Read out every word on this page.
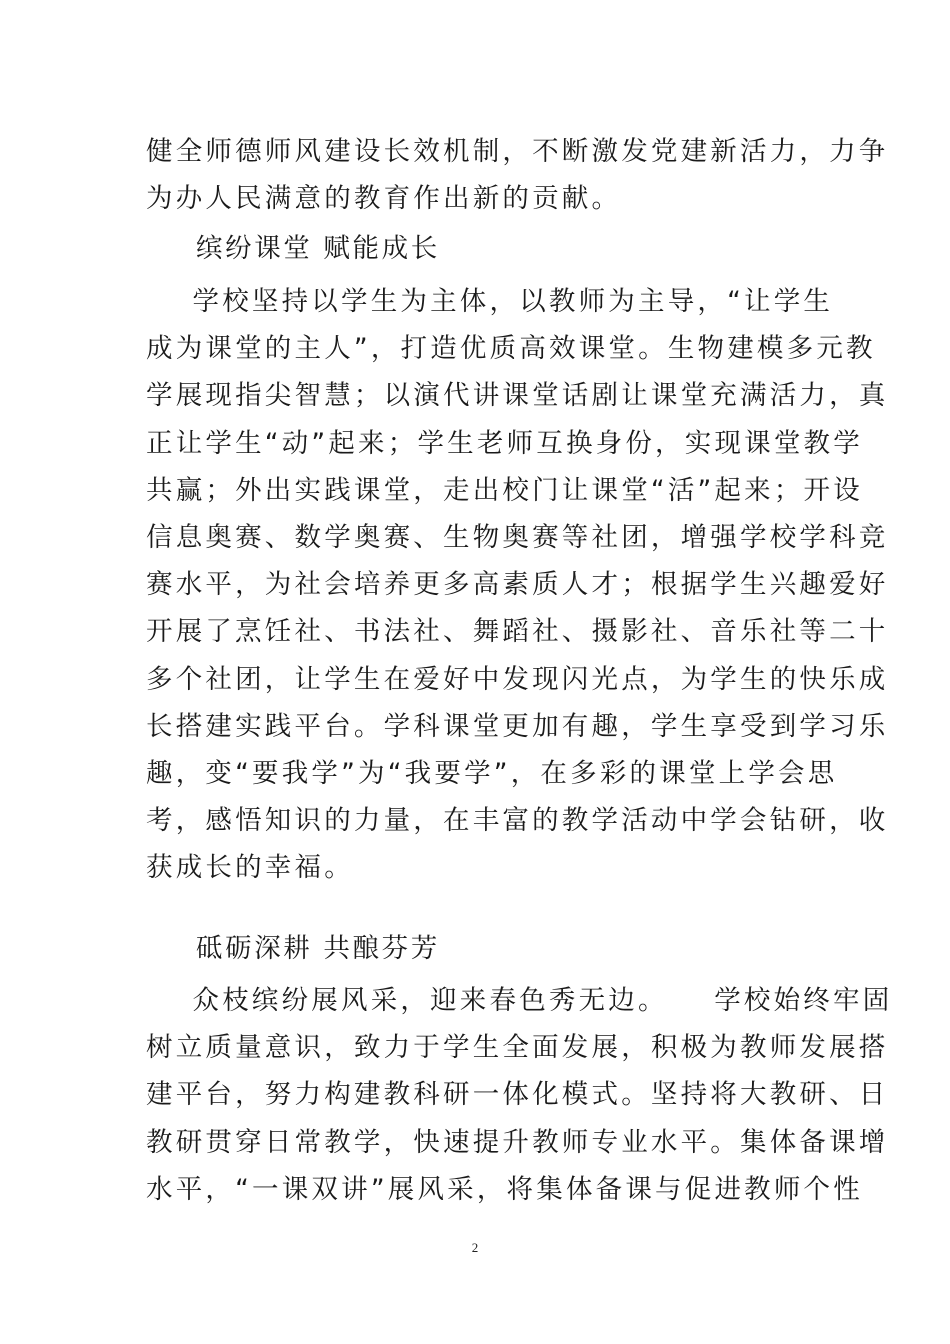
健全师德师风建设长效机制，不断激发党建新活力，力争
为办人民满意的教育作出新的贡献。
缤纷课堂 赋能成长
学校坚持以学生为主体，以教师为主导，“让学生
成为课堂的主人”，打造优质高效课堂。生物建模多元教
学展现指尖智慧；以演代讲课堂话剧让课堂充满活力，真
正让学生“动”起来；学生老师互换身份，实现课堂教学
共赢；外出实践课堂，走出校门让课堂“活”起来；开设
信息奥赛、数学奥赛、生物奥赛等社团，增强学校学科竞
赛水平，为社会培养更多高素质人才；根据学生兴趣爱好
开展了烹饪社、书法社、舞蹈社、摄影社、音乐社等二十
多个社团，让学生在爱好中发现闪光点，为学生的快乐成
长搭建实践平台。学科课堂更加有趣，学生享受到学习乐
趣，变“要我学”为“我要学”，在多彩的课堂上学会思
考，感悟知识的力量，在丰富的教学活动中学会钻研，收
获成长的幸福。
砥砺深耕 共酿芬芳
众枝缤纷展风采，迎来春色秀无边。    学校始终牢固
树立质量意识，致力于学生全面发展，积极为教师发展搭
建平台，努力构建教科研一体化模式。坚持将大教研、日
教研贯穿日常教学，快速提升教师专业水平。集体备课增
水平，“一课双讲”展风采，将集体备课与促进教师个性
2
